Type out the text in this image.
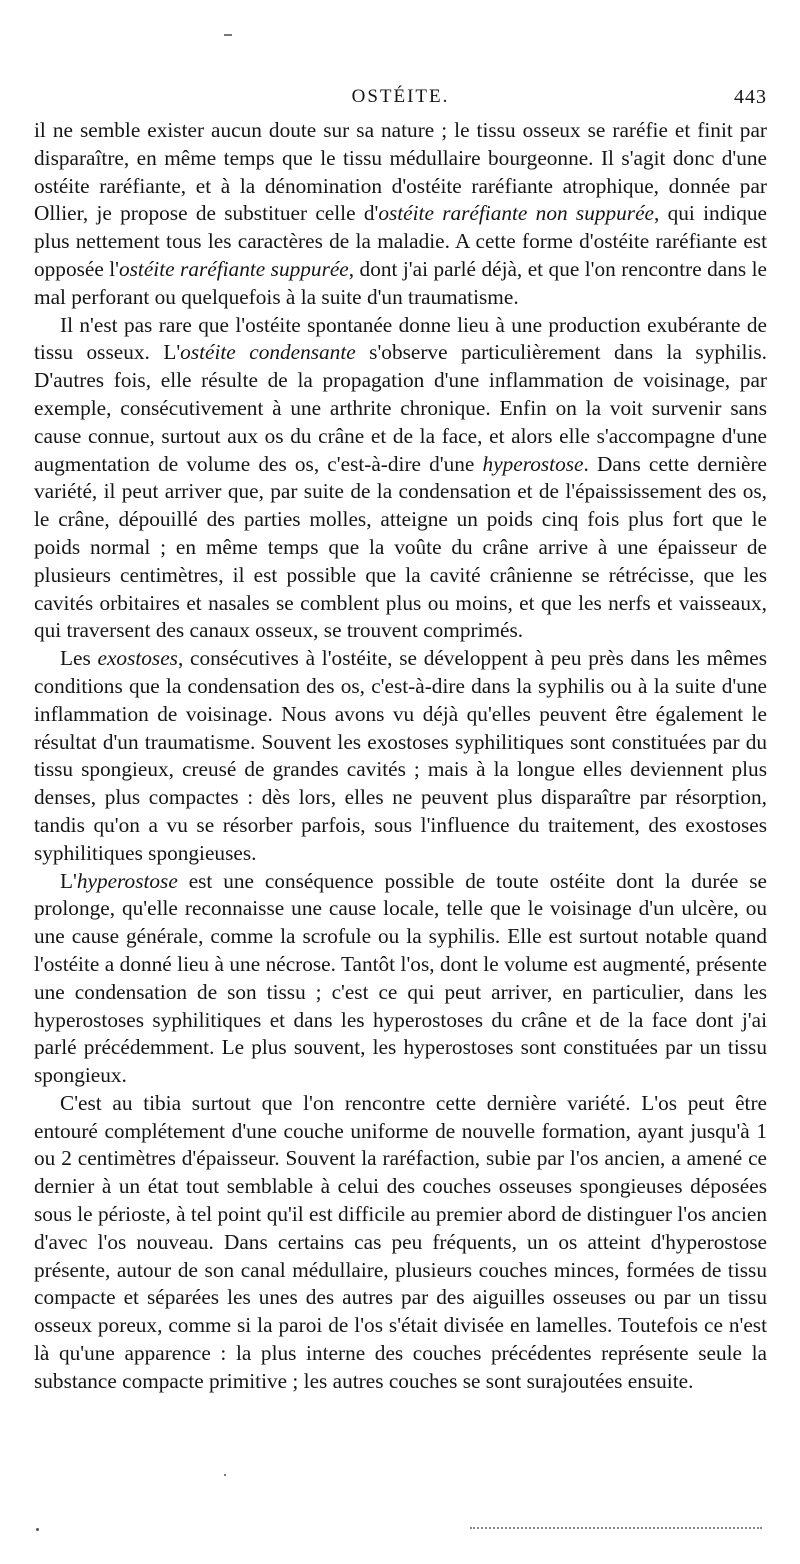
OSTÉITE.	443

il ne semble exister aucun doute sur sa nature ; le tissu osseux se raréfie et finit par disparaître, en même temps que le tissu médullaire bourgeonne. Il s'agit donc d'une ostéite raréfiante, et à la dénomination d'ostéite raréfiante atrophique, donnée par Ollier, je propose de substituer celle d'ostéite raréfiante non suppurée, qui indique plus nettement tous les caractères de la maladie. A cette forme d'ostéite raréfiante est opposée l'ostéite raréfiante suppurée, dont j'ai parlé déjà, et que l'on rencontre dans le mal perforant ou quelquefois à la suite d'un traumatisme.

Il n'est pas rare que l'ostéite spontanée donne lieu à une production exubérante de tissu osseux. L'ostéite condensante s'observe particulièrement dans la syphilis. D'autres fois, elle résulte de la propagation d'une inflammation de voisinage, par exemple, consécutivement à une arthrite chronique. Enfin on la voit survenir sans cause connue, surtout aux os du crâne et de la face, et alors elle s'accompagne d'une augmentation de volume des os, c'est-à-dire d'une hyperostose. Dans cette dernière variété, il peut arriver que, par suite de la condensation et de l'épaississement des os, le crâne, dépouillé des parties molles, atteigne un poids cinq fois plus fort que le poids normal ; en même temps que la voûte du crâne arrive à une épaisseur de plusieurs centimètres, il est possible que la cavité crânienne se rétrécisse, que les cavités orbitaires et nasales se comblent plus ou moins, et que les nerfs et vaisseaux, qui traversent des canaux osseux, se trouvent comprimés.

Les exostoses, consécutives à l'ostéite, se développent à peu près dans les mêmes conditions que la condensation des os, c'est-à-dire dans la syphilis ou à la suite d'une inflammation de voisinage. Nous avons vu déjà qu'elles peuvent être également le résultat d'un traumatisme. Souvent les exostoses syphilitiques sont constituées par du tissu spongieux, creusé de grandes cavités ; mais à la longue elles deviennent plus denses, plus compactes : dès lors, elles ne peuvent plus disparaître par résorption, tandis qu'on a vu se résorber parfois, sous l'influence du traitement, des exostoses syphilitiques spongieuses.

L'hyperostose est une conséquence possible de toute ostéite dont la durée se prolonge, qu'elle reconnaisse une cause locale, telle que le voisinage d'un ulcère, ou une cause générale, comme la scrofule ou la syphilis. Elle est surtout notable quand l'ostéite a donné lieu à une nécrose. Tantôt l'os, dont le volume est augmenté, présente une condensation de son tissu ; c'est ce qui peut arriver, en particulier, dans les hyperostoses syphilitiques et dans les hyperostoses du crâne et de la face dont j'ai parlé précédemment. Le plus souvent, les hyperostoses sont constituées par un tissu spongieux.

C'est au tibia surtout que l'on rencontre cette dernière variété. L'os peut être entouré complétement d'une couche uniforme de nouvelle formation, ayant jusqu'à 1 ou 2 centimètres d'épaisseur. Souvent la raréfaction, subie par l'os ancien, a amené ce dernier à un état tout semblable à celui des couches osseuses spongieuses déposées sous le périoste, à tel point qu'il est difficile au premier abord de distinguer l'os ancien d'avec l'os nouveau. Dans certains cas peu fréquents, un os atteint d'hyperostose présente, autour de son canal médullaire, plusieurs couches minces, formées de tissu compacte et séparées les unes des autres par des aiguilles osseuses ou par un tissu osseux poreux, comme si la paroi de l'os s'était divisée en lamelles. Toutefois ce n'est là qu'une apparence : la plus interne des couches précédentes représente seule la substance compacte primitive ; les autres couches se sont surajoutées ensuite.
